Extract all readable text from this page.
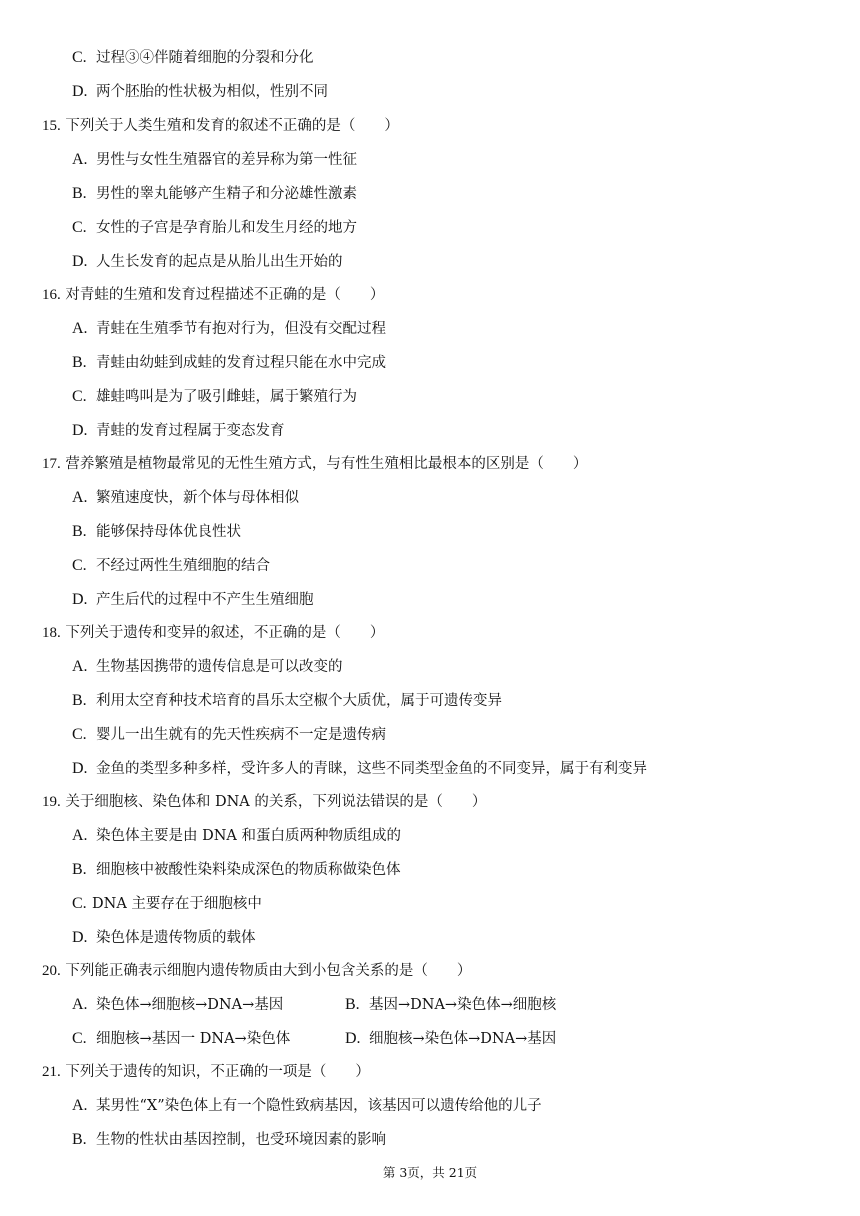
C. 过程③④伴随着细胞的分裂和分化
D. 两个胚胎的性状极为相似，性别不同
15. 下列关于人类生殖和发育的叙述不正确的是（　　）
A. 男性与女性生殖器官的差异称为第一性征
B. 男性的睾丸能够产生精子和分泌雄性激素
C. 女性的子宫是孕育胎儿和发生月经的地方
D. 人生长发育的起点是从胎儿出生开始的
16. 对青蛙的生殖和发育过程描述不正确的是（　　）
A. 青蛙在生殖季节有抱对行为，但没有交配过程
B. 青蛙由幼蛙到成蛙的发育过程只能在水中完成
C. 雄蛙鸣叫是为了吸引雌蛙，属于繁殖行为
D. 青蛙的发育过程属于变态发育
17. 营养繁殖是植物最常见的无性生殖方式，与有性生殖相比最根本的区别是（　　）
A. 繁殖速度快，新个体与母体相似
B. 能够保持母体优良性状
C. 不经过两性生殖细胞的结合
D. 产生后代的过程中不产生生殖细胞
18. 下列关于遗传和变异的叙述，不正确的是（　　）
A. 生物基因携带的遗传信息是可以改变的
B. 利用太空育种技术培育的昌乐太空椒个大质优，属于可遗传变异
C. 婴儿一出生就有的先天性疾病不一定是遗传病
D. 金鱼的类型多种多样，受许多人的青睐，这些不同类型金鱼的不同变异，属于有利变异
19. 关于细胞核、染色体和 DNA 的关系，下列说法错误的是（　　）
A. 染色体主要是由 DNA 和蛋白质两种物质组成的
B. 细胞核中被酸性染料染成深色的物质称做染色体
C. DNA 主要存在于细胞核中
D. 染色体是遗传物质的载体
20. 下列能正确表示细胞内遗传物质由大到小包含关系的是（　　）
A. 染色体→细胞核→DNA→基因	B. 基因→DNA→染色体→细胞核
C. 细胞核→基因一 DNA→染色体	D. 细胞核→染色体→DNA→基因
21. 下列关于遗传的知识，不正确的一项是（　　）
A. 某男性“X”染色体上有一个隐性致病基因，该基因可以遗传给他的儿子
B. 生物的性状由基因控制，也受环境因素的影响
第 3页，共 21页
